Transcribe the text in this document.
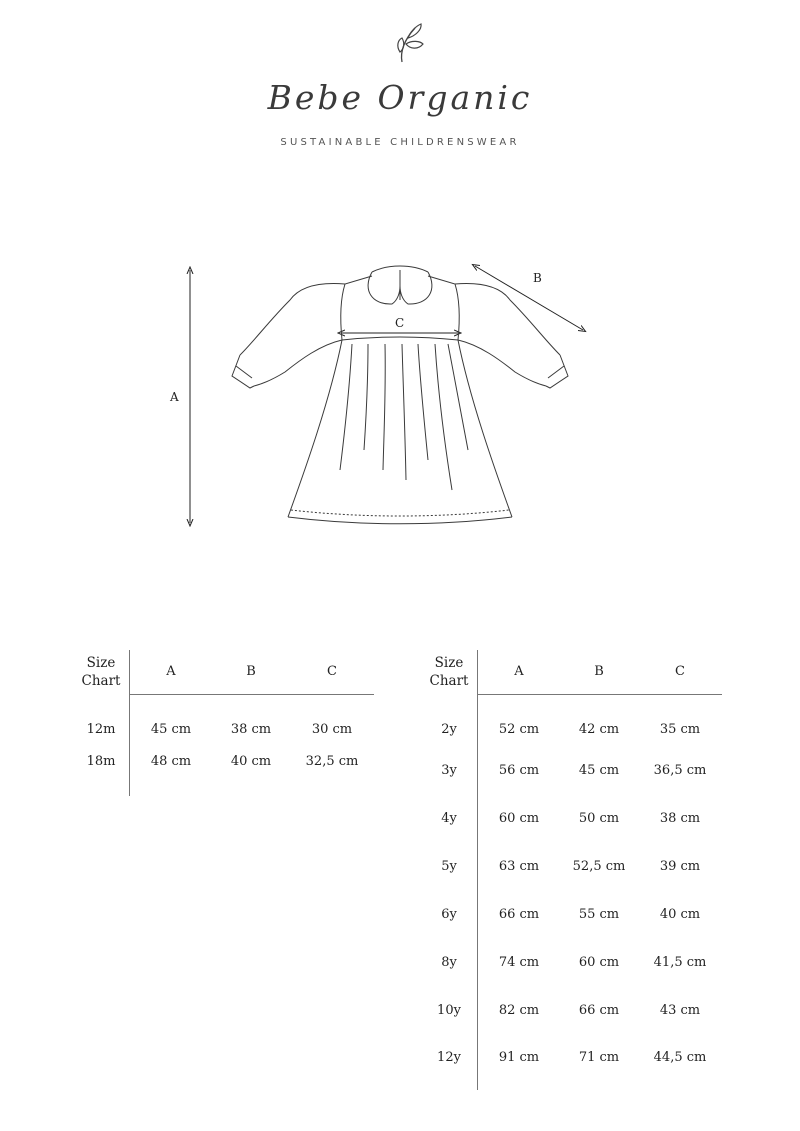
Bebe Organic
SUSTAINABLE CHILDRENSWEAR
A
B
C
Size
Chart	A	B	C
12m	45 cm	38 cm	30 cm
18m	48 cm	40 cm	32,5 cm
Size
Chart	A	B	C
2y	52 cm	42 cm	35 cm
3y	56 cm	45 cm	36,5 cm
4y	60 cm	50 cm	38 cm
5y	63 cm	52,5 cm	39 cm
6y	66 cm	55 cm	40 cm
8y	74 cm	60 cm	41,5 cm
10y	82 cm	66 cm	43 cm
12y	91 cm	71 cm	44,5 cm
